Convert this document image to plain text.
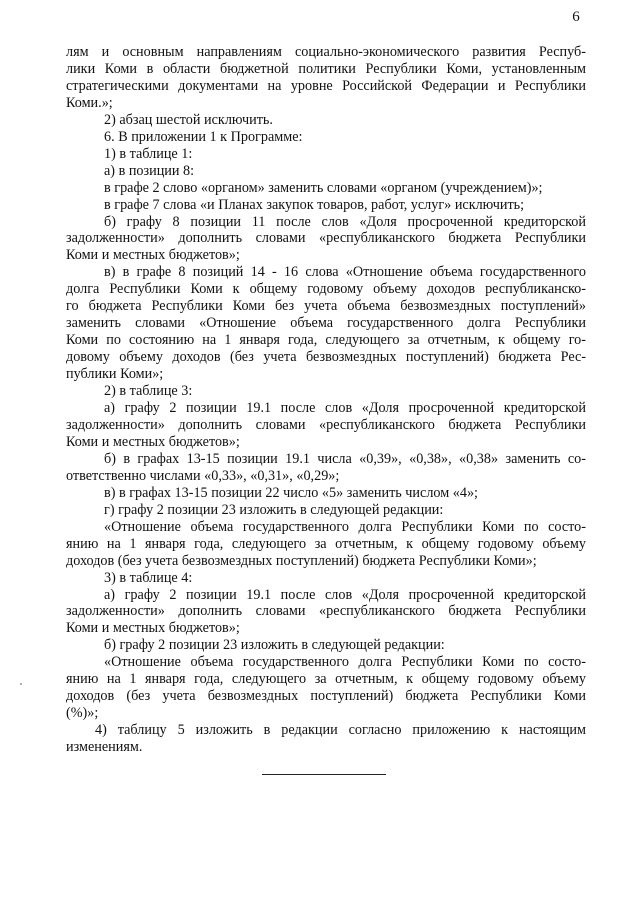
6

лям и основным направлениям социально-экономического развития Респуб-

лики Коми в области бюджетной политики Республики Коми, установленным

стратегическими документами на уровне Российской Федерации и Республики

Коми.»;

2) абзац шестой исключить.

6. В приложении 1 к Программе:

1) в таблице 1:

а) в позиции 8:

в графе 2 слово «органом» заменить словами «органом (учреждением)»;

в графе 7 слова «и Планах закупок товаров, работ, услуг» исключить;

б) графу 8 позиции 11 после слов «Доля просроченной кредиторской

задолженности» дополнить словами «республиканского бюджета Республики

Коми и местных бюджетов»;

в) в графе 8 позиций 14 - 16 слова «Отношение объема государственного

долга Республики Коми к общему годовому объему доходов республиканско-

го бюджета Республики Коми без учета объема безвозмездных поступлений»

заменить словами «Отношение объема государственного долга Республики

Коми по состоянию на 1 января года, следующего за отчетным, к общему го-

довому объему доходов (без учета безвозмездных поступлений) бюджета Рес-

публики Коми»;

2) в таблице 3:

а) графу 2 позиции 19.1 после слов «Доля просроченной кредиторской

задолженности» дополнить словами «республиканского бюджета Республики

Коми и местных бюджетов»;

б) в графах 13-15 позиции 19.1 числа «0,39», «0,38», «0,38» заменить со-

ответственно числами «0,33», «0,31», «0,29»;

в) в графах 13-15 позиции 22 число «5» заменить числом «4»;

г) графу 2 позиции 23 изложить в следующей редакции:

«Отношение объема государственного долга Республики Коми по состо-

янию на 1 января года, следующего за отчетным, к общему годовому объему

доходов (без учета безвозмездных поступлений) бюджета Республики Коми»;

3) в таблице 4:

а) графу 2 позиции 19.1 после слов «Доля просроченной кредиторской

задолженности» дополнить словами «республиканского бюджета Республики

Коми и местных бюджетов»;

б) графу 2 позиции 23 изложить в следующей редакции:

«Отношение объема государственного долга Республики Коми по состо-

янию на 1 января года, следующего за отчетным, к общему годовому объему

доходов (без учета безвозмездных поступлений) бюджета Республики Коми

(%)»;

4) таблицу 5 изложить в редакции согласно приложению к настоящим

изменениям.
